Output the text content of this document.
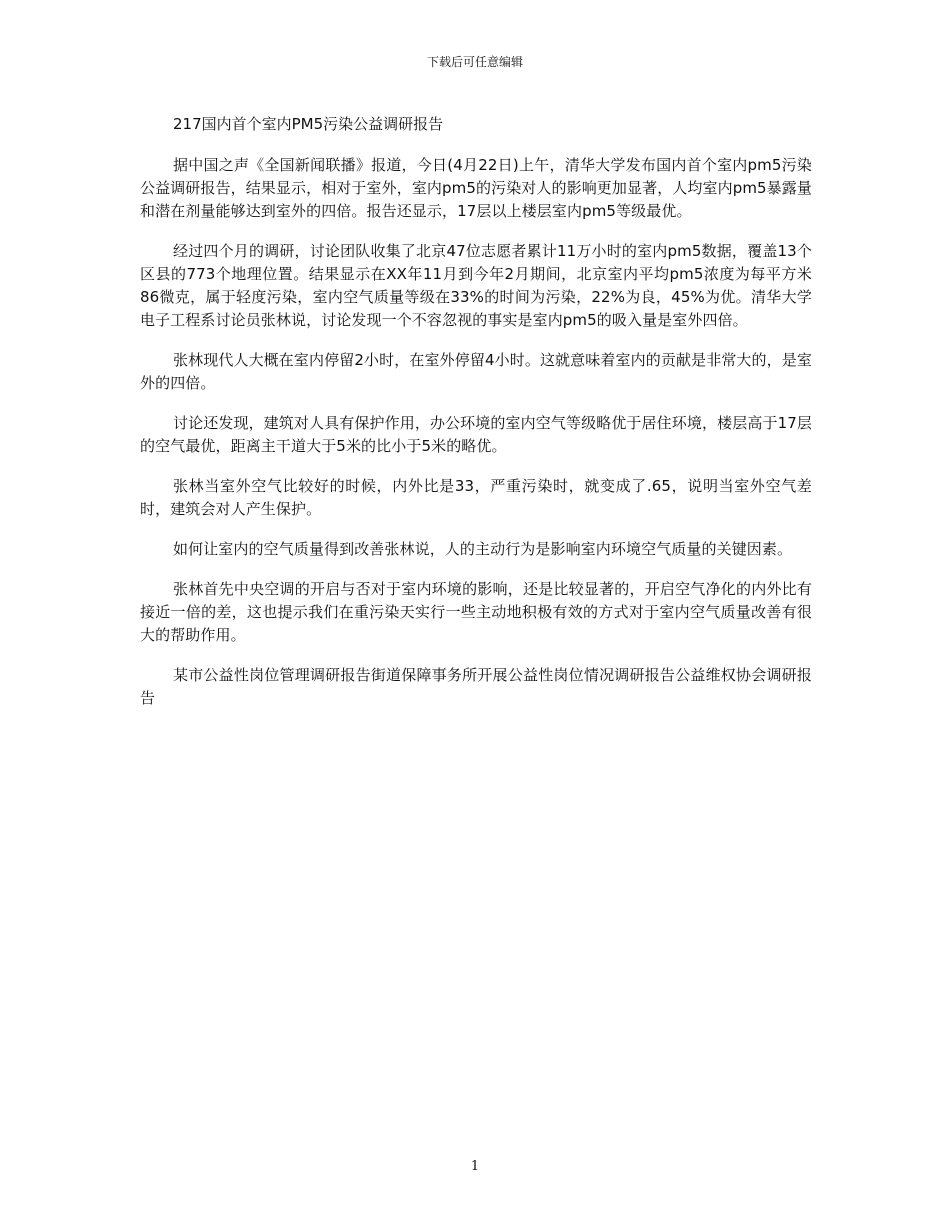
下载后可任意编辑

217国内首个室内PM5污染公益调研报告

据中国之声《全国新闻联播》报道，今日(4月22日)上午，清华大学发布国内首个室内pm5污染公益调研报告，结果显示，相对于室外，室内pm5的污染对人的影响更加显著，人均室内pm5暴露量和潜在剂量能够达到室外的四倍。报告还显示，17层以上楼层室内pm5等级最优。

经过四个月的调研，讨论团队收集了北京47位志愿者累计11万小时的室内pm5数据，覆盖13个区县的773个地理位置。结果显示在XX年11月到今年2月期间，北京室内平均pm5浓度为每平方米86微克，属于轻度污染，室内空气质量等级在33%的时间为污染，22%为良，45%为优。清华大学电子工程系讨论员张林说，讨论发现一个不容忽视的事实是室内pm5的吸入量是室外四倍。

张林现代人大概在室内停留2小时，在室外停留4小时。这就意味着室内的贡献是非常大的，是室外的四倍。

讨论还发现，建筑对人具有保护作用，办公环境的室内空气等级略优于居住环境，楼层高于17层的空气最优，距离主干道大于5米的比小于5米的略优。

张林当室外空气比较好的时候，内外比是33，严重污染时，就变成了.65，说明当室外空气差时，建筑会对人产生保护。

如何让室内的空气质量得到改善张林说，人的主动行为是影响室内环境空气质量的关键因素。

张林首先中央空调的开启与否对于室内环境的影响，还是比较显著的，开启空气净化的内外比有接近一倍的差，这也提示我们在重污染天实行一些主动地积极有效的方式对于室内空气质量改善有很大的帮助作用。

某市公益性岗位管理调研报告街道保障事务所开展公益性岗位情况调研报告公益维权协会调研报告

1
